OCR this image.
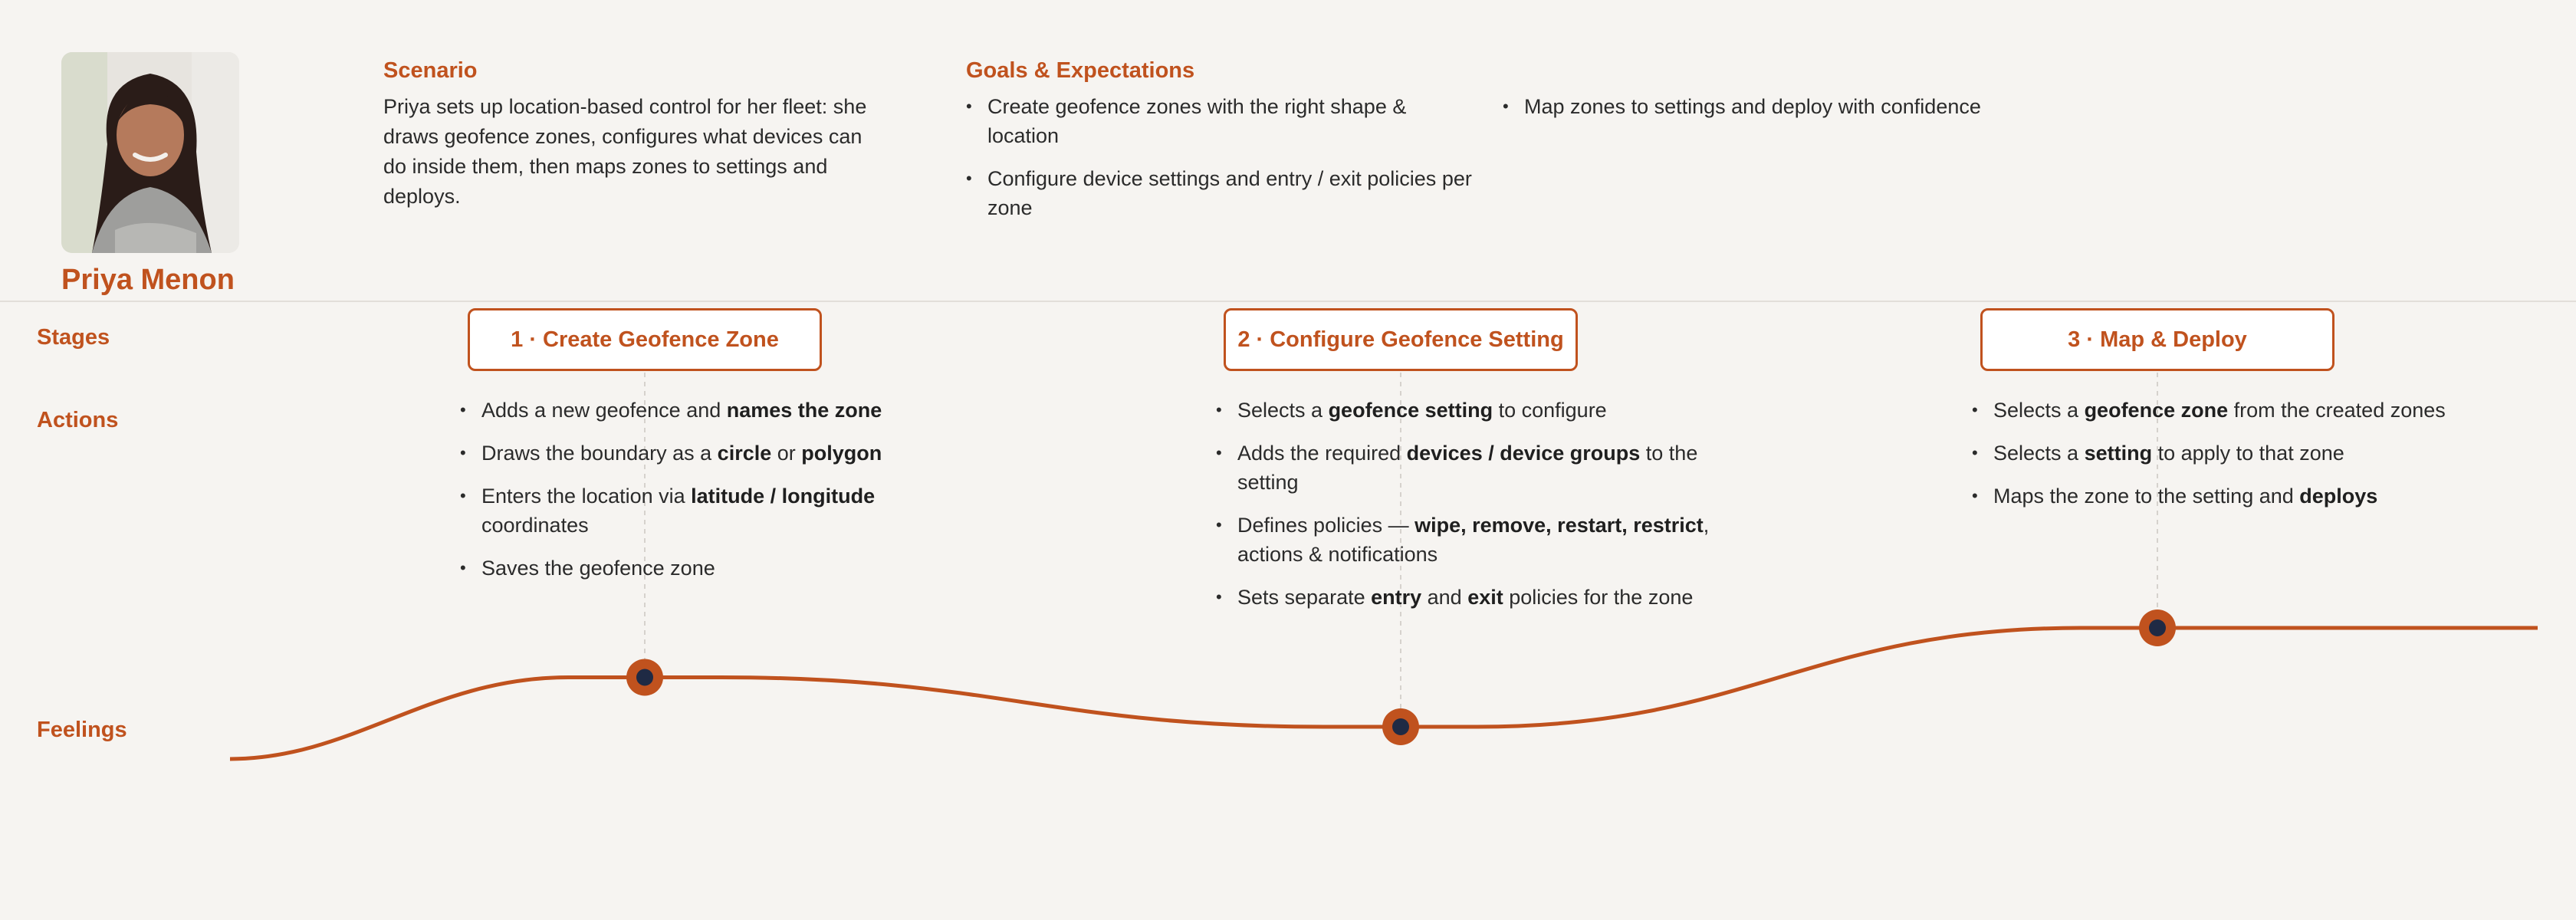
Priya Menon
Scenario
Priya sets up location-based control for her fleet: she draws geofence zones, configures what devices can do inside them, then maps zones to settings and deploys.
Goals & Expectations
• Create geofence zones with the right shape & location
• Configure device settings and entry / exit policies per zone
• Map zones to settings and deploy with confidence
Stages
Actions
Feelings
1 · Create Geofence Zone	2 · Configure Geofence Setting	3 · Map & Deploy
• Adds a new geofence and names the zone
• Draws the boundary as a circle or polygon
• Enters the location via latitude / longitude coordinates
• Saves the geofence zone
• Selects a geofence setting to configure
• Adds the required devices / device groups to the setting
• Defines policies — wipe, remove, restart, restrict, actions & notifications
• Sets separate entry and exit policies for the zone
• Selects a geofence zone from the created zones
• Selects a setting to apply to that zone
• Maps the zone to the setting and deploys
